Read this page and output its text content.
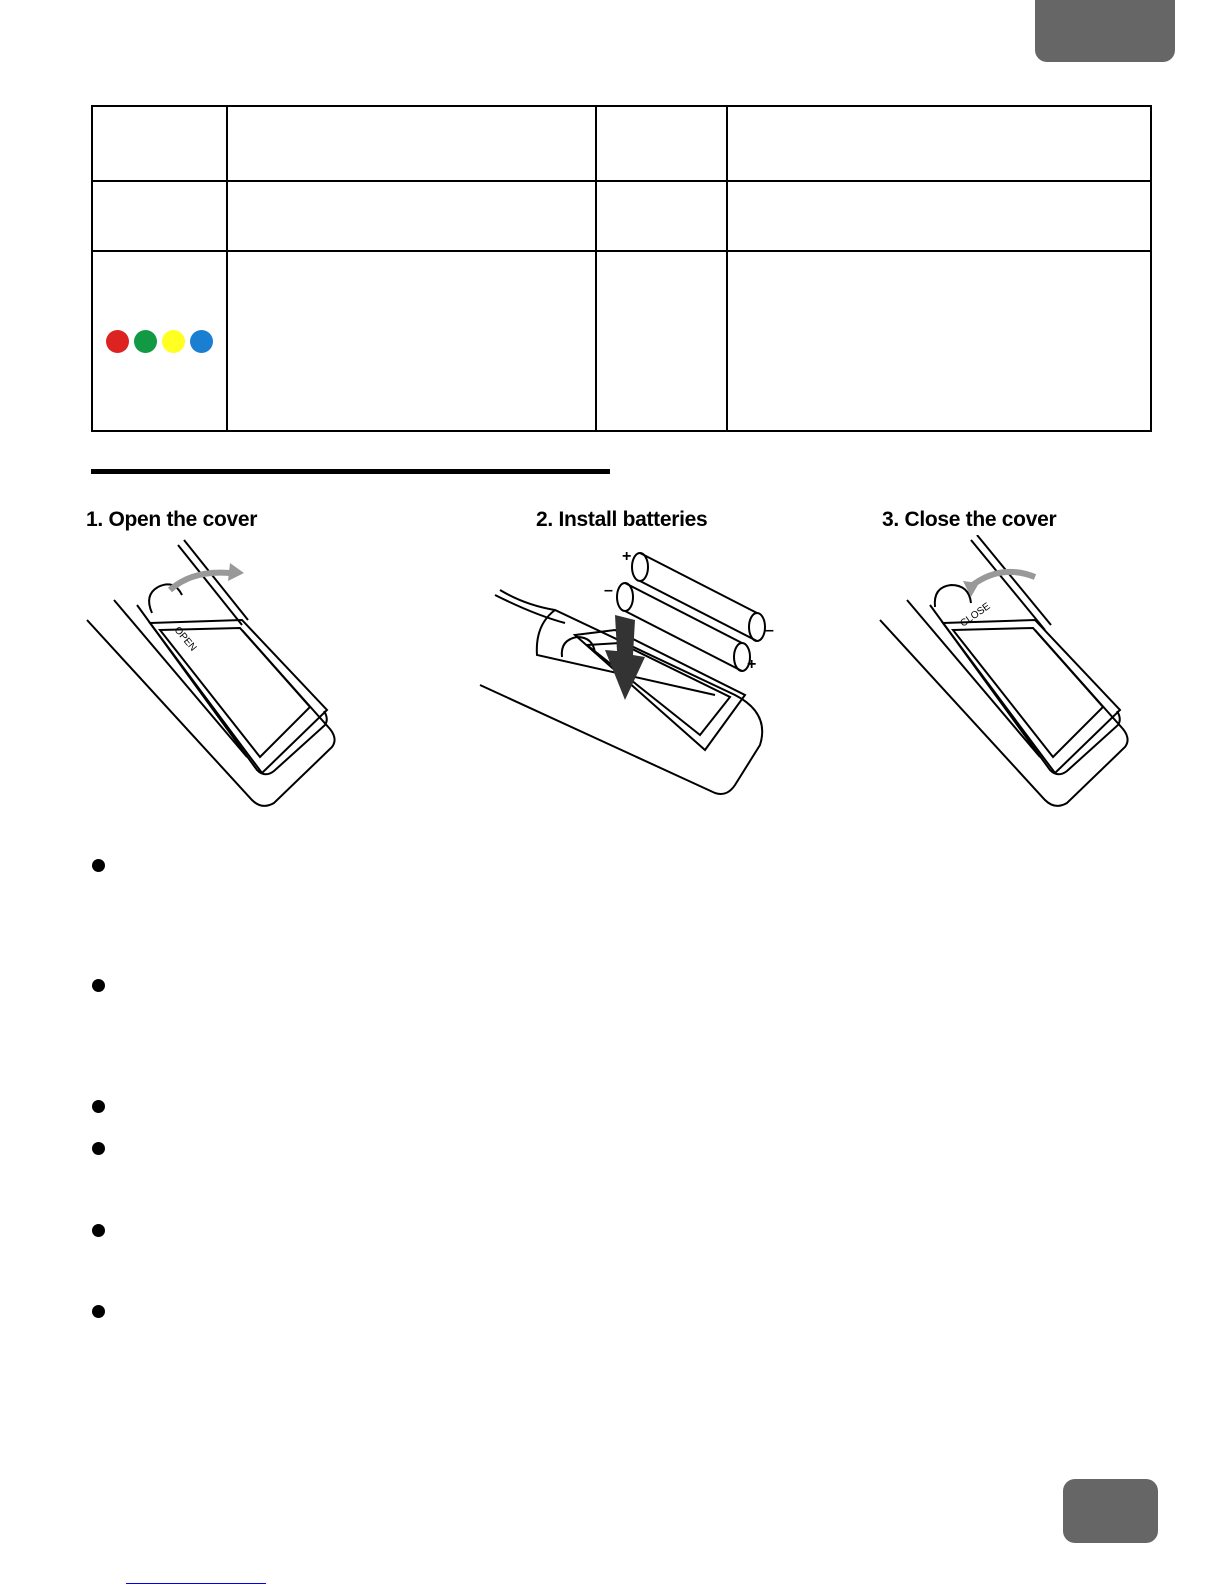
1. Open the cover	2. Install batteries	3. Close the cover
OPEN
+
–
–
+
CLOSE
